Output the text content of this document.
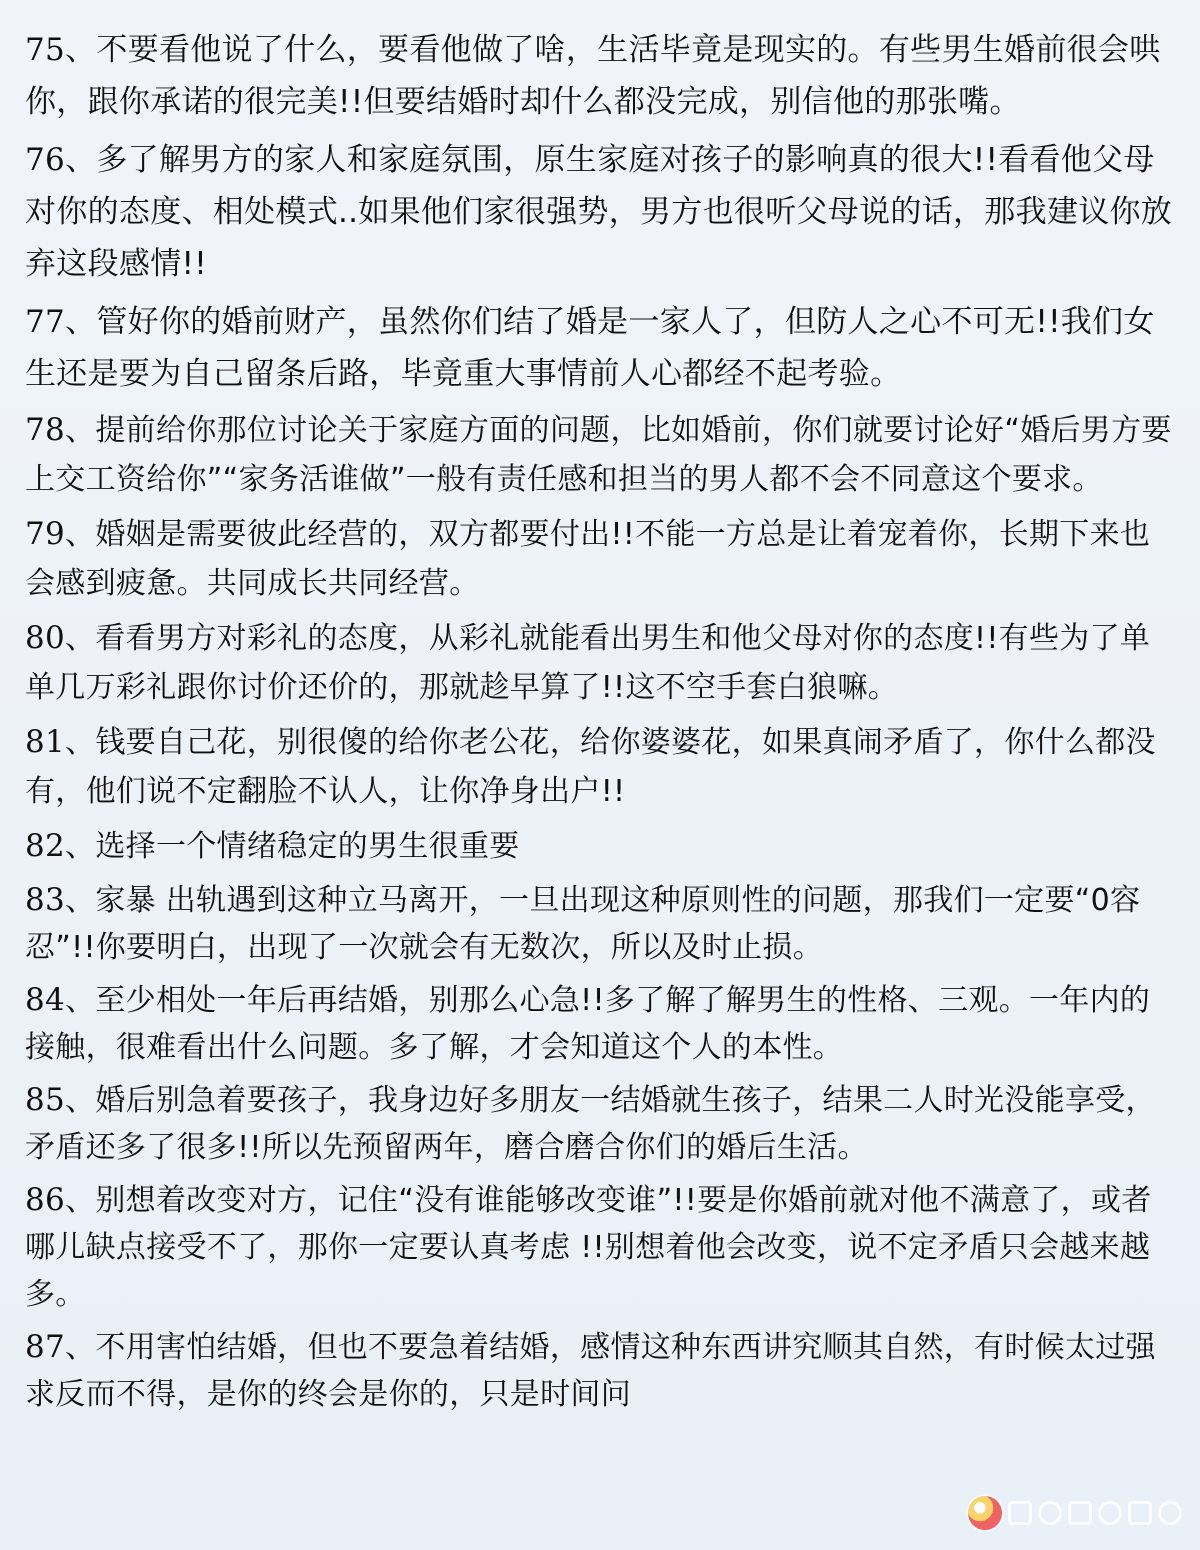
75、不要看他说了什么，要看他做了啥，生活毕竟是现实的。有些男生婚前很会哄你，跟你承诺的很完美!!但要结婚时却什么都没完成，别信他的那张嘴。
76、多了解男方的家人和家庭氛围，原生家庭对孩子的影响真的很大!!看看他父母对你的态度、相处模式..如果他们家很强势，男方也很听父母说的话，那我建议你放弃这段感情!!
77、管好你的婚前财产，虽然你们结了婚是一家人了，但防人之心不可无!!我们女生还是要为自己留条后路，毕竟重大事情前人心都经不起考验。
78、提前给你那位讨论关于家庭方面的问题，比如婚前，你们就要讨论好“婚后男方要上交工资给你”“家务活谁做”一般有责任感和担当的男人都不会不同意这个要求。
79、婚姻是需要彼此经营的，双方都要付出!!不能一方总是让着宠着你，长期下来也会感到疲惫。共同成长共同经营。
80、看看男方对彩礼的态度，从彩礼就能看出男生和他父母对你的态度!!有些为了单单几万彩礼跟你讨价还价的，那就趁早算了!!这不空手套白狼嘛。
81、钱要自己花，别很傻的给你老公花，给你婆婆花，如果真闹矛盾了，你什么都没有，他们说不定翻脸不认人，让你净身出户!!
82、选择一个情绪稳定的男生很重要
83、家暴 出轨遇到这种立马离开，一旦出现这种原则性的问题，那我们一定要“0容忍”!!你要明白，出现了一次就会有无数次，所以及时止损。
84、至少相处一年后再结婚，别那么心急!!多了解了解男生的性格、三观。一年内的接触，很难看出什么问题。多了解，才会知道这个人的本性。
85、婚后别急着要孩子，我身边好多朋友一结婚就生孩子，结果二人时光没能享受，矛盾还多了很多!!所以先预留两年，磨合磨合你们的婚后生活。
86、别想着改变对方，记住“没有谁能够改变谁”!!要是你婚前就对他不满意了，或者哪儿缺点接受不了，那你一定要认真考虑 !!别想着他会改变，说不定矛盾只会越来越多。
87、不用害怕结婚，但也不要急着结婚，感情这种东西讲究顺其自然，有时候太过强求反而不得，是你的终会是你的，只是时间问
